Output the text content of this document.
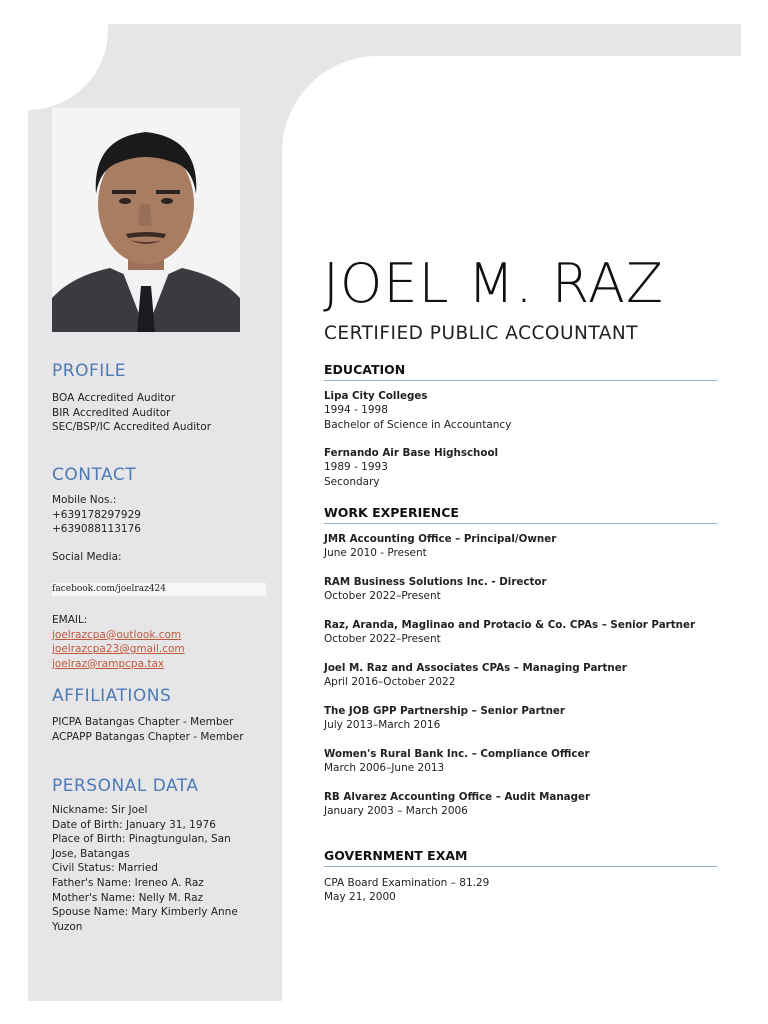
PROFILE
BOA Accredited Auditor
BIR Accredited Auditor
SEC/BSP/IC Accredited Auditor
CONTACT
Mobile Nos.:
+639178297929
+639088113176
Social Media:
facebook.com/joelraz424
EMAIL:
joelrazcpa@outlook.com
joelrazcpa23@gmail.com
joelraz@rampcpa.tax
AFFILIATIONS
PICPA Batangas Chapter - Member
ACPAPP Batangas Chapter - Member
PERSONAL DATA
Nickname: Sir Joel
Date of Birth: January 31, 1976
Place of Birth: Pinagtungulan, San
Jose, Batangas
Civil Status: Married
Father's Name: Ireneo A. Raz
Mother's Name: Nelly M. Raz
Spouse Name: Mary Kimberly Anne
Yuzon
JOEL M. RAZ
CERTIFIED PUBLIC ACCOUNTANT
EDUCATION
Lipa City Colleges
1994 - 1998
Bachelor of Science in Accountancy
Fernando Air Base Highschool
1989 - 1993
Secondary
WORK EXPERIENCE
JMR Accounting Office – Principal/Owner
June 2010 - Present
RAM Business Solutions Inc. - Director
October 2022–Present
Raz, Aranda, Maglinao and Protacio & Co. CPAs – Senior Partner
October 2022–Present
Joel M. Raz and Associates CPAs – Managing Partner
April 2016–October 2022
The JOB GPP Partnership – Senior Partner
July 2013–March 2016
Women's Rural Bank Inc. – Compliance Officer
March 2006–June 2013
RB Alvarez Accounting Office – Audit Manager
January 2003 – March 2006
GOVERNMENT EXAM
CPA Board Examination – 81.29
May 21, 2000
